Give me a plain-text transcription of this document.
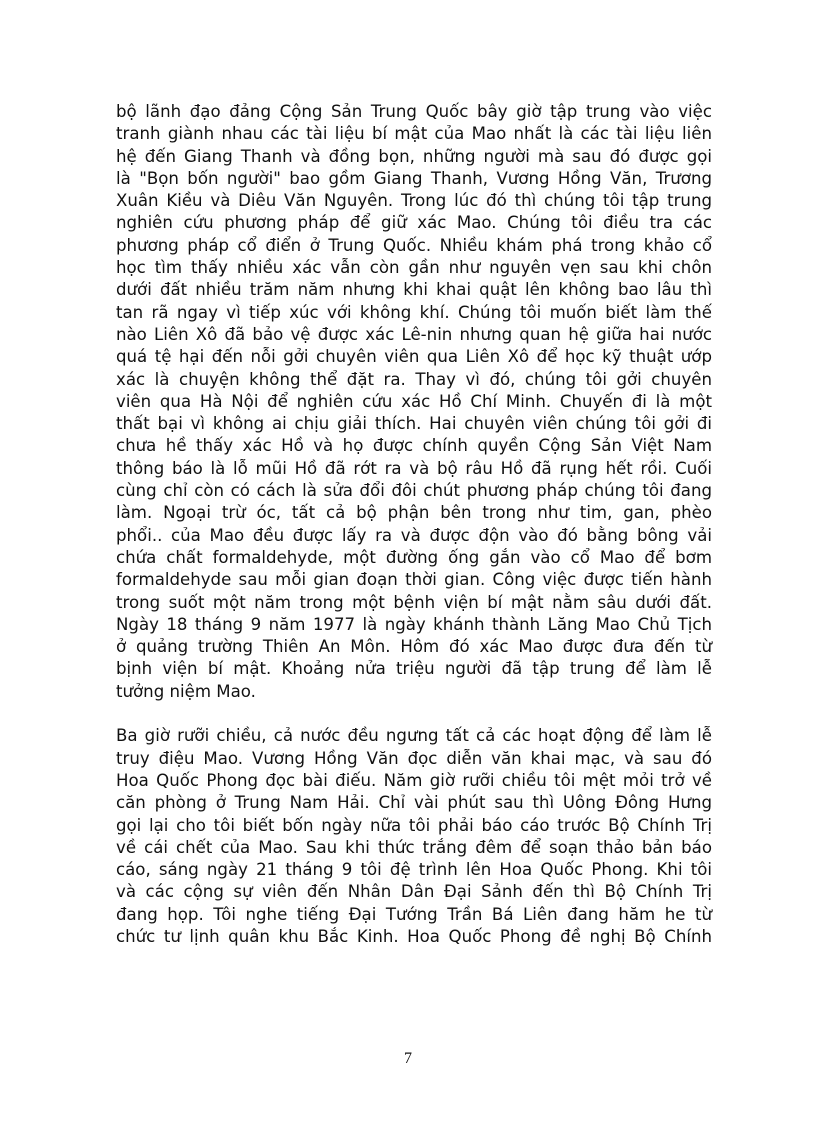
bộ lãnh đạo đảng Cộng Sản Trung Quốc bây giờ tập trung vào việc
tranh giành nhau các tài liệu bí mật của Mao nhất là các tài liệu liên
hệ đến Giang Thanh và đồng bọn, những người mà sau đó được gọi
là "Bọn bốn người" bao gồm Giang Thanh, Vương Hồng Văn, Trương
Xuân Kiều và Diêu Văn Nguyên. Trong lúc đó thì chúng tôi tập trung
nghiên cứu phương pháp để giữ xác Mao. Chúng tôi điều tra các
phương pháp cổ điển ở Trung Quốc. Nhiều khám phá trong khảo cổ
học tìm thấy nhiều xác vẫn còn gần như nguyên vẹn sau khi chôn
dưới đất nhiều trăm năm nhưng khi khai quật lên không bao lâu thì
tan rã ngay vì tiếp xúc với không khí. Chúng tôi muốn biết làm thế
nào Liên Xô đã bảo vệ được xác Lê-nin nhưng quan hệ giữa hai nước
quá tệ hại đến nỗi gởi chuyên viên qua Liên Xô để học kỹ thuật ướp
xác là chuyện không thể đặt ra. Thay vì đó, chúng tôi gởi chuyên
viên qua Hà Nội để nghiên cứu xác Hồ Chí Minh. Chuyến đi là một
thất bại vì không ai chịu giải thích. Hai chuyên viên chúng tôi gởi đi
chưa hề thấy xác Hồ và họ được chính quyền Cộng Sản Việt Nam
thông báo là lỗ mũi Hồ đã rớt ra và bộ râu Hồ đã rụng hết rồi. Cuối
cùng chỉ còn có cách là sửa đổi đôi chút phương pháp chúng tôi đang
làm. Ngoại trừ óc, tất cả bộ phận bên trong như tim, gan, phèo
phổi.. của Mao đều được lấy ra và được độn vào đó bằng bông vải
chứa chất formaldehyde, một đường ống gắn vào cổ Mao để bơm
formaldehyde sau mỗi gian đoạn thời gian. Công việc được tiến hành
trong suốt một năm trong một bệnh viện bí mật nằm sâu dưới đất.
Ngày 18 tháng 9 năm 1977 là ngày khánh thành Lăng Mao Chủ Tịch
ở quảng trường Thiên An Môn. Hôm đó xác Mao được đưa đến từ
bịnh viện bí mật. Khoảng nửa triệu người đã tập trung để làm lễ
tưởng niệm Mao.
Ba giờ rưỡi chiều, cả nước đều ngưng tất cả các hoạt động để làm lễ
truy điệu Mao. Vương Hồng Văn đọc diễn văn khai mạc, và sau đó
Hoa Quốc Phong đọc bài điếu. Năm giờ rưỡi chiều tôi mệt mỏi trở về
căn phòng ở Trung Nam Hải. Chỉ vài phút sau thì Uông Đông Hưng
gọi lại cho tôi biết bốn ngày nữa tôi phải báo cáo trước Bộ Chính Trị
về cái chết của Mao. Sau khi thức trắng đêm để soạn thảo bản báo
cáo, sáng ngày 21 tháng 9 tôi đệ trình lên Hoa Quốc Phong. Khi tôi
và các cộng sự viên đến Nhân Dân Đại Sảnh đến thì Bộ Chính Trị
đang họp. Tôi nghe tiếng Đại Tướng Trần Bá Liên đang hăm he từ
chức tư lịnh quân khu Bắc Kinh. Hoa Quốc Phong đề nghị Bộ Chính
7
